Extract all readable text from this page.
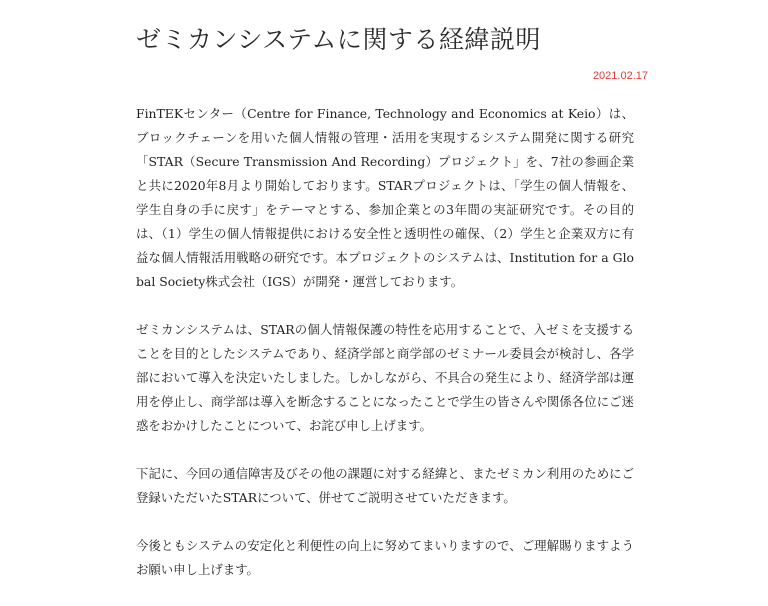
ゼミカンシステムに関する経緯説明
2021.02.17

FinTEKセンター（Centre for Finance, Technology and Economics at Keio）は、ブロックチェーンを用いた個人情報の管理・活用を実現するシステム開発に関する研究「STAR（Secure Transmission And Recording）プロジェクト」を、7社の参画企業と共に2020年8月より開始しております。STARプロジェクトは、「学生の個人情報を、学生自身の手に戻す」をテーマとする、参加企業との3年間の実証研究です。その目的は、（1）学生の個人情報提供における安全性と透明性の確保、（2）学生と企業双方に有益な個人情報活用戦略の研究です。本プロジェクトのシステムは、Institution for a Global Society株式会社（IGS）が開発・運営しております。

ゼミカンシステムは、STARの個人情報保護の特性を応用することで、入ゼミを支援することを目的としたシステムであり、経済学部と商学部のゼミナール委員会が検討し、各学部において導入を決定いたしました。しかしながら、不具合の発生により、経済学部は運用を停止し、商学部は導入を断念することになったことで学生の皆さんや関係各位にご迷惑をおかけしたことについて、お詫び申し上げます。

下記に、今回の通信障害及びその他の課題に対する経緯と、またゼミカン利用のためにご登録いただいたSTARについて、併せてご説明させていただきます。

今後ともシステムの安定化と利便性の向上に努めてまいりますので、ご理解賜りますようお願い申し上げます。
